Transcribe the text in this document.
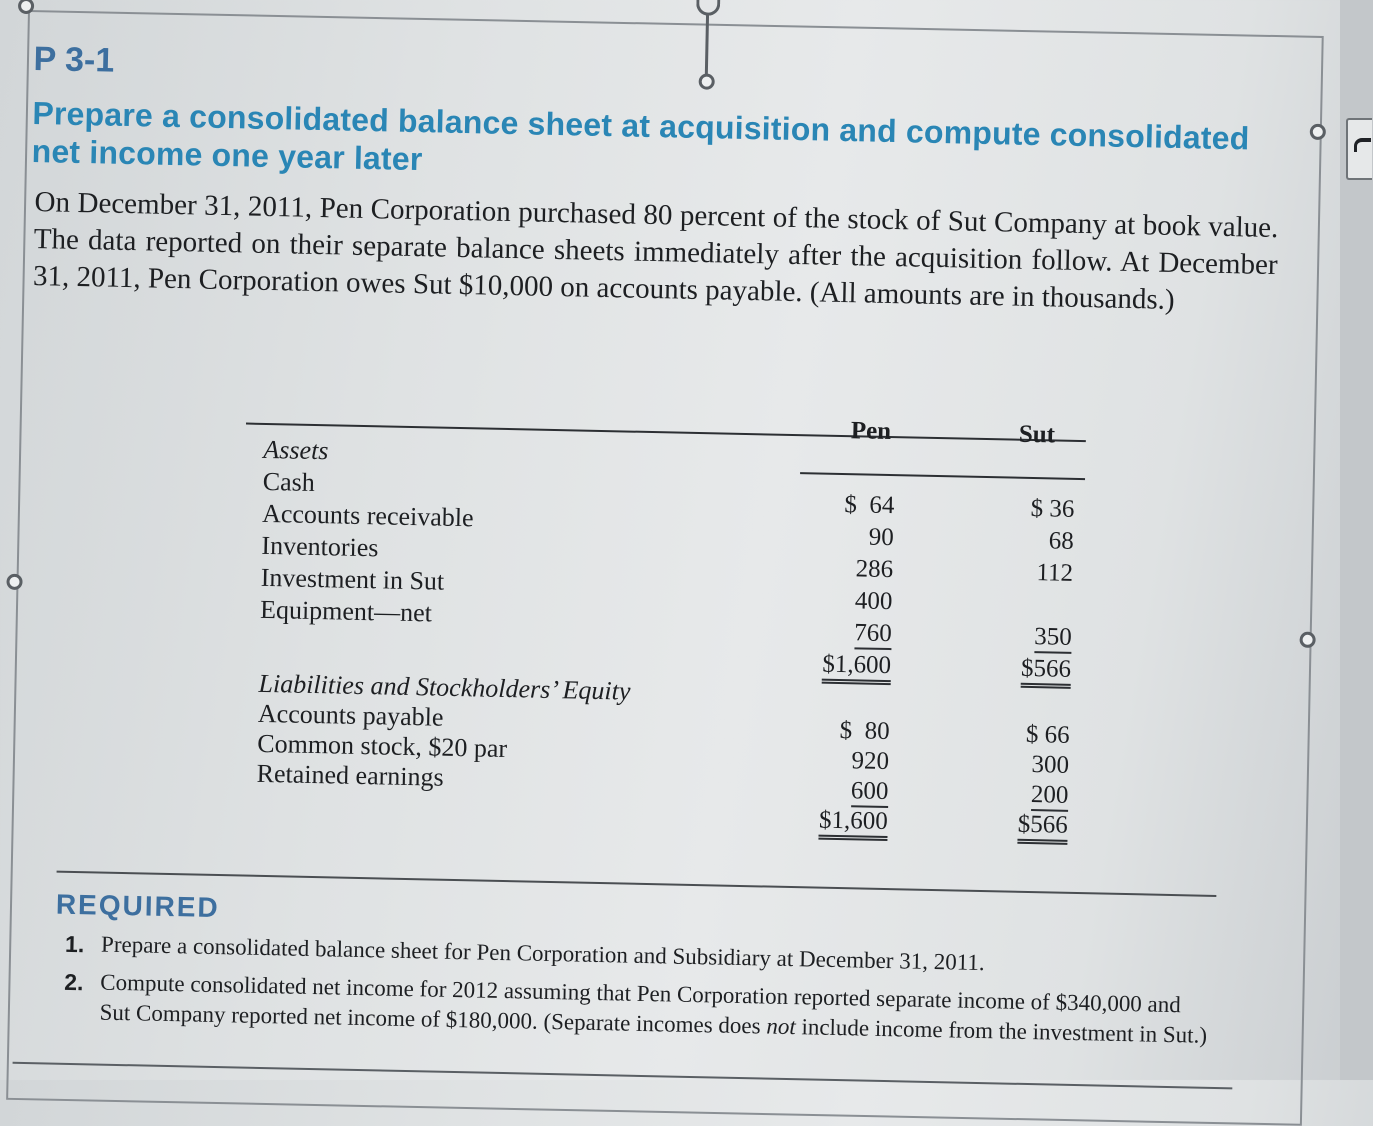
P 3-1
Prepare a consolidated balance sheet at acquisition and compute consolidated net income one year later
On December 31, 2011, Pen Corporation purchased 80 percent of the stock of Sut Company at book value. The data reported on their separate balance sheets immediately after the acquisition follow. At December 31, 2011, Pen Corporation owes Sut $10,000 on accounts payable. (All amounts are in thousands.)
Pen	Sut
Assets
Cash
Accounts receivable
Inventories
Investment in Sut
Equipment—net
$  64
90
286
400
760
$1,600
$ 36
68
112
350
$566
Liabilities and Stockholders’ Equity
Accounts payable
Common stock, $20 par
Retained earnings
$  80
920
600
$1,600
$ 66
300
200
$566
REQUIRED
1. Prepare a consolidated balance sheet for Pen Corporation and Subsidiary at December 31, 2011.
2. Compute consolidated net income for 2012 assuming that Pen Corporation reported separate income of $340,000 and Sut Company reported net income of $180,000. (Separate incomes does not include income from the investment in Sut.)
